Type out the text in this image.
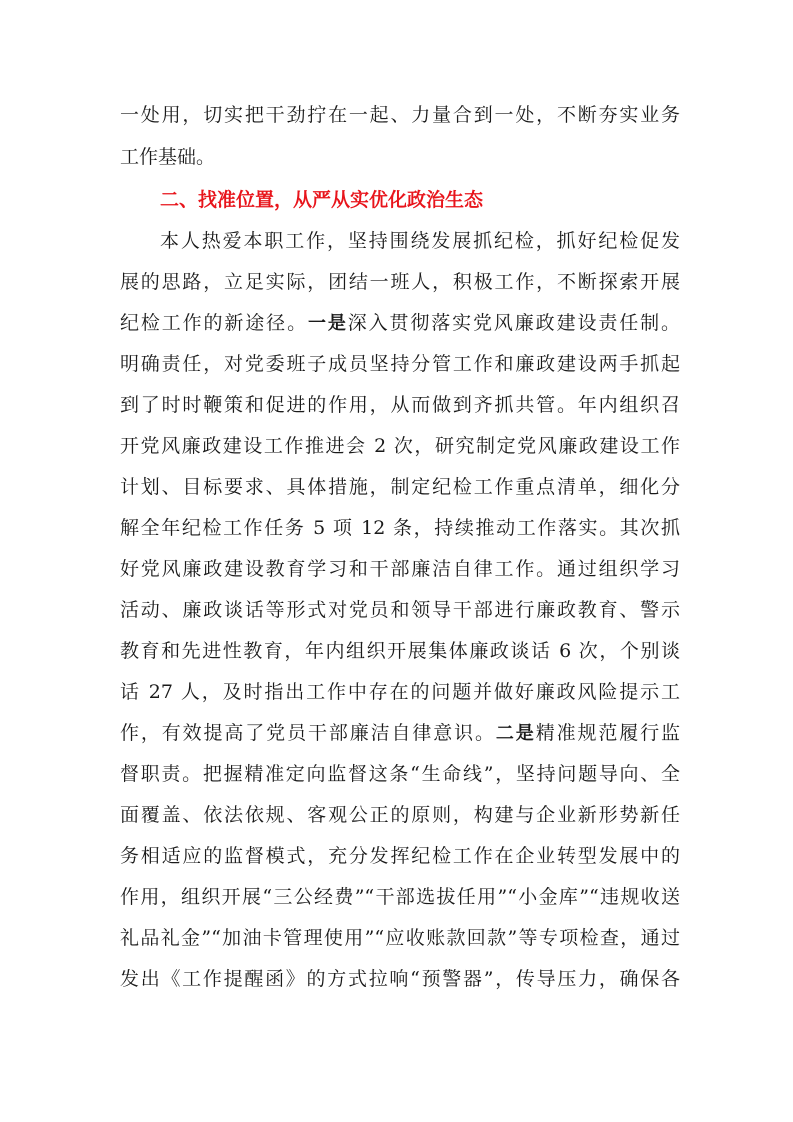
一处用，切实把干劲拧在一起、力量合到一处，不断夯实业务
工作基础。
二、找准位置，从严从实优化政治生态
本人热爱本职工作，坚持围绕发展抓纪检，抓好纪检促发
展的思路，立足实际，团结一班人，积极工作，不断探索开展
纪检工作的新途径。一是深入贯彻落实党风廉政建设责任制。
明确责任，对党委班子成员坚持分管工作和廉政建设两手抓起
到了时时鞭策和促进的作用，从而做到齐抓共管。年内组织召
开党风廉政建设工作推进会 2 次，研究制定党风廉政建设工作
计划、目标要求、具体措施，制定纪检工作重点清单，细化分
解全年纪检工作任务 5 项 12 条，持续推动工作落实。其次抓
好党风廉政建设教育学习和干部廉洁自律工作。通过组织学习
活动、廉政谈话等形式对党员和领导干部进行廉政教育、警示
教育和先进性教育，年内组织开展集体廉政谈话 6 次，个别谈
话 27 人，及时指出工作中存在的问题并做好廉政风险提示工
作，有效提高了党员干部廉洁自律意识。二是精准规范履行监
督职责。把握精准定向监督这条“生命线”，坚持问题导向、全
面覆盖、依法依规、客观公正的原则，构建与企业新形势新任
务相适应的监督模式，充分发挥纪检工作在企业转型发展中的
作用，组织开展“三公经费”“干部选拔任用”“小金库”“违规收送
礼品礼金”“加油卡管理使用”“应收账款回款”等专项检查，通过
发出《工作提醒函》的方式拉响“预警器”，传导压力，确保各
